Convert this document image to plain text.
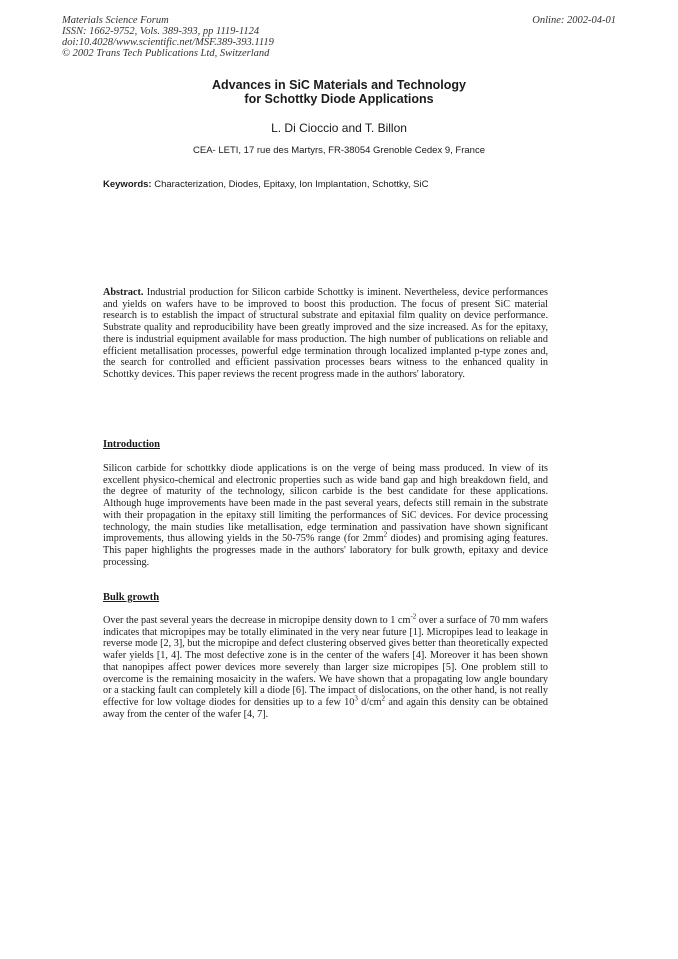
Materials Science Forum
ISSN: 1662-9752, Vols. 389-393, pp 1119-1124
doi:10.4028/www.scientific.net/MSF.389-393.1119
© 2002 Trans Tech Publications Ltd, Switzerland
Online: 2002-04-01
Advances in SiC Materials and Technology
for Schottky Diode Applications
L. Di Cioccio and T. Billon
CEA- LETI, 17 rue des Martyrs, FR-38054 Grenoble Cedex 9, France
Keywords: Characterization, Diodes, Epitaxy, Ion Implantation, Schottky, SiC
Abstract. Industrial production for Silicon carbide Schottky is iminent. Nevertheless, device performances and yields on wafers have to be improved to boost this production. The focus of present SiC material research is to establish the impact of structural substrate and epitaxial film quality on device performance. Substrate quality and reproducibility have been greatly improved and the size increased. As for the epitaxy, there is industrial equipment available for mass production. The high number of publications on reliable and efficient metallisation processes, powerful edge termination through localized implanted p-type zones and, the search for controlled and efficient passivation processes bears witness to the enhanced quality in Schottky devices. This paper reviews the recent progress made in the authors' laboratory.
Introduction
Silicon carbide for schottkky diode applications is on the verge of being mass produced. In view of its excellent physico-chemical and electronic properties such as wide band gap and high breakdown field, and the degree of maturity of the technology, silicon carbide is the best candidate for these applications. Although huge improvements have been made in the past several years, defects still remain in the substrate with their propagation in the epitaxy still limiting the performances of SiC devices. For device processing technology, the main studies like metallisation, edge termination and passivation have shown significant improvements, thus allowing yields in the 50-75% range (for $2mm^2$ diodes) and promising aging features. This paper highlights the progresses made in the authors' laboratory for bulk growth, epitaxy and device processing.
Bulk growth
Over the past several years the decrease in micropipe density down to 1 $cm^{-2}$ over a surface of 70 mm wafers indicates that micropipes may be totally eliminated in the very near future [1]. Micropipes lead to leakage in reverse mode [2, 3], but the micropipe and defect clustering observed gives better than theoretically expected wafer yields [1, 4]. The most defective zone is in the center of the wafers [4]. Moreover it has been shown that nanopipes affect power devices more severely than larger size micropipes [5]. One problem still to overcome is the remaining mosaicity in the wafers. We have shown that a propagating low angle boundary or a stacking fault can completely kill a diode [6]. The impact of dislocations, on the other hand, is not really effective for low voltage diodes for densities up to a few $10^3$ $d/cm^2$ and again this density can be obtained away from the center of the wafer [4, 7].
